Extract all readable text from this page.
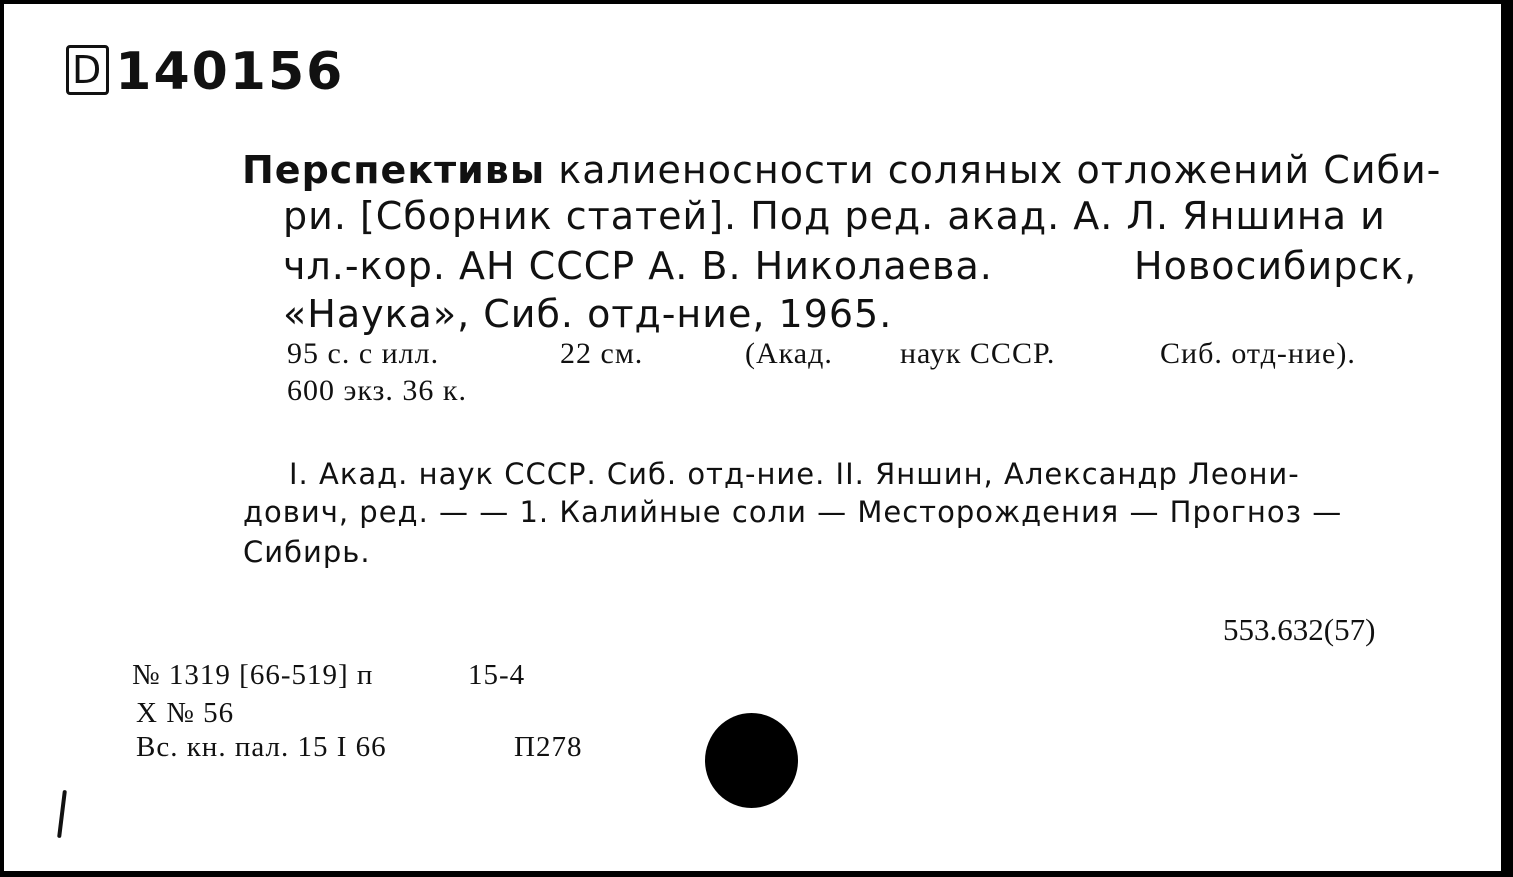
D 140156
Перспективы калиеносности соляных отложений Сиби-
ри. [Сборник статей]. Под ред. акад. А. Л. Яншина и
чл.-кор. АН СССР А. В. Николаева.	Новосибирск,
«Наука», Сиб. отд-ние, 1965.
95 с. с илл.	22 см.	(Акад. наук СССР.	Сиб. отд-ние).
600 экз. 36 к.
I. Акад. наук СССР. Сиб. отд-ние. II. Яншин, Александр Леони-
дович, ред. — — 1. Калийные соли — Месторождения — Прогноз —
Сибирь.
553.632(57)
№ 1319 [66-519] п	15-4
X № 56
Вс. кн. пал. 15 I 66	П278
